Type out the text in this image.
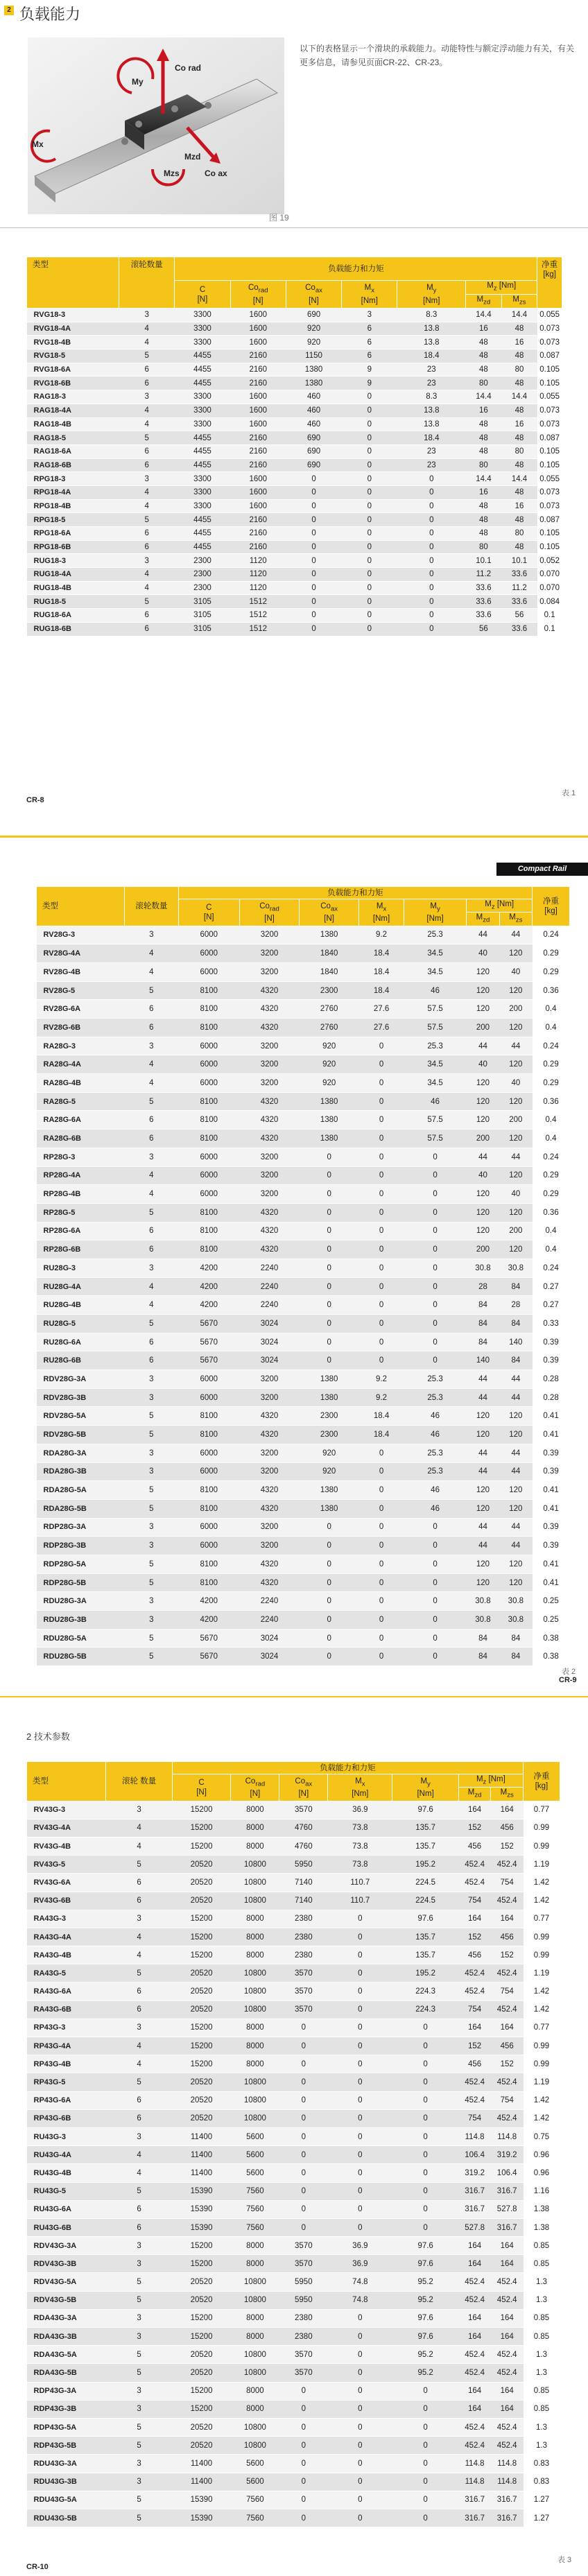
2 负载能力
Co rad
My
Mx
Mzd
Mzs	Co ax
图 19
以下的表格显示一个滑块的承载能力。动能特性与额定浮动能力有关，有关更多信息，请参见页面CR-22、CR-23。
类型	滚轮数量	负载能力和力矩							净重
[kg]
		C
[N]	$Co_{rad}$
[N]	$Co_{ax}$
[N]	$M_x$
[Nm]	$M_y$
[Nm]	$M_z$ [Nm]		
							$M_{zd}$	$M_{zs}$
RVG18-3	3	3300	1600	690	3	8.3	14.4	14.4	0.055
RVG18-4A	4	3300	1600	920	6	13.8	16	48	0.073
RVG18-4B	4	3300	1600	920	6	13.8	48	16	0.073
RVG18-5	5	4455	2160	1150	6	18.4	48	48	0.087
RVG18-6A	6	4455	2160	1380	9	23	48	80	0.105
RVG18-6B	6	4455	2160	1380	9	23	80	48	0.105
RAG18-3	3	3300	1600	460	0	8.3	14.4	14.4	0.055
RAG18-4A	4	3300	1600	460	0	13.8	16	48	0.073
RAG18-4B	4	3300	1600	460	0	13.8	48	16	0.073
RAG18-5	5	4455	2160	690	0	18.4	48	48	0.087
RAG18-6A	6	4455	2160	690	0	23	48	80	0.105
RAG18-6B	6	4455	2160	690	0	23	80	48	0.105
RPG18-3	3	3300	1600	0	0	0	14.4	14.4	0.055
RPG18-4A	4	3300	1600	0	0	0	16	48	0.073
RPG18-4B	4	3300	1600	0	0	0	48	16	0.073
RPG18-5	5	4455	2160	0	0	0	48	48	0.087
RPG18-6A	6	4455	2160	0	0	0	48	80	0.105
RPG18-6B	6	4455	2160	0	0	0	80	48	0.105
RUG18-3	3	2300	1120	0	0	0	10.1	10.1	0.052
RUG18-4A	4	2300	1120	0	0	0	11.2	33.6	0.070
RUG18-4B	4	2300	1120	0	0	0	33.6	11.2	0.070
RUG18-5	5	3105	1512	0	0	0	33.6	33.6	0.084
RUG18-6A	6	3105	1512	0	0	0	33.6	56	0.1
RUG18-6B	6	3105	1512	0	0	0	56	33.6	0.1
表 1
CR-8
Compact Rail
类型	滚轮数量	负载能力和力矩							净重
[kg]
		C
[N]	$Co_{rad}$
[N]	$Co_{ax}$
[N]	$M_x$
[Nm]	$M_y$
[Nm]	$M_z$ [Nm]		
							$M_{zd}$	$M_{zs}$
RV28G-3	3	6000	3200	1380	9.2	25.3	44	44	0.24
RV28G-4A	4	6000	3200	1840	18.4	34.5	40	120	0.29
RV28G-4B	4	6000	3200	1840	18.4	34.5	120	40	0.29
RV28G-5	5	8100	4320	2300	18.4	46	120	120	0.36
RV28G-6A	6	8100	4320	2760	27.6	57.5	120	200	0.4
RV28G-6B	6	8100	4320	2760	27.6	57.5	200	120	0.4
RA28G-3	3	6000	3200	920	0	25.3	44	44	0.24
RA28G-4A	4	6000	3200	920	0	34.5	40	120	0.29
RA28G-4B	4	6000	3200	920	0	34.5	120	40	0.29
RA28G-5	5	8100	4320	1380	0	46	120	120	0.36
RA28G-6A	6	8100	4320	1380	0	57.5	120	200	0.4
RA28G-6B	6	8100	4320	1380	0	57.5	200	120	0.4
RP28G-3	3	6000	3200	0	0	0	44	44	0.24
RP28G-4A	4	6000	3200	0	0	0	40	120	0.29
RP28G-4B	4	6000	3200	0	0	0	120	40	0.29
RP28G-5	5	8100	4320	0	0	0	120	120	0.36
RP28G-6A	6	8100	4320	0	0	0	120	200	0.4
RP28G-6B	6	8100	4320	0	0	0	200	120	0.4
RU28G-3	3	4200	2240	0	0	0	30.8	30.8	0.24
RU28G-4A	4	4200	2240	0	0	0	28	84	0.27
RU28G-4B	4	4200	2240	0	0	0	84	28	0.27
RU28G-5	5	5670	3024	0	0	0	84	84	0.33
RU28G-6A	6	5670	3024	0	0	0	84	140	0.39
RU28G-6B	6	5670	3024	0	0	0	140	84	0.39
RDV28G-3A	3	6000	3200	1380	9.2	25.3	44	44	0.28
RDV28G-3B	3	6000	3200	1380	9.2	25.3	44	44	0.28
RDV28G-5A	5	8100	4320	2300	18.4	46	120	120	0.41
RDV28G-5B	5	8100	4320	2300	18.4	46	120	120	0.41
RDA28G-3A	3	6000	3200	920	0	25.3	44	44	0.39
RDA28G-3B	3	6000	3200	920	0	25.3	44	44	0.39
RDA28G-5A	5	8100	4320	1380	0	46	120	120	0.41
RDA28G-5B	5	8100	4320	1380	0	46	120	120	0.41
RDP28G-3A	3	6000	3200	0	0	0	44	44	0.39
RDP28G-3B	3	6000	3200	0	0	0	44	44	0.39
RDP28G-5A	5	8100	4320	0	0	0	120	120	0.41
RDP28G-5B	5	8100	4320	0	0	0	120	120	0.41
RDU28G-3A	3	4200	2240	0	0	0	30.8	30.8	0.25
RDU28G-3B	3	4200	2240	0	0	0	30.8	30.8	0.25
RDU28G-5A	5	5670	3024	0	0	0	84	84	0.38
RDU28G-5B	5	5670	3024	0	0	0	84	84	0.38
表 2
CR-9
2 技术参数
类型	滚轮 数量	负载能力和力矩							净重
[kg]
		C
[N]	$Co_{rad}$
[N]	$Co_{ax}$
[N]	$M_x$
[Nm]	$M_y$
[Nm]	$M_z$ [Nm]		
							$M_{zd}$	$M_{zs}$
RV43G-3	3	15200	8000	3570	36.9	97.6	164	164	0.77
RV43G-4A	4	15200	8000	4760	73.8	135.7	152	456	0.99
RV43G-4B	4	15200	8000	4760	73.8	135.7	456	152	0.99
RV43G-5	5	20520	10800	5950	73.8	195.2	452.4	452.4	1.19
RV43G-6A	6	20520	10800	7140	110.7	224.5	452.4	754	1.42
RV43G-6B	6	20520	10800	7140	110.7	224.5	754	452.4	1.42
RA43G-3	3	15200	8000	2380	0	97.6	164	164	0.77
RA43G-4A	4	15200	8000	2380	0	135.7	152	456	0.99
RA43G-4B	4	15200	8000	2380	0	135.7	456	152	0.99
RA43G-5	5	20520	10800	3570	0	195.2	452.4	452.4	1.19
RA43G-6A	6	20520	10800	3570	0	224.3	452.4	754	1.42
RA43G-6B	6	20520	10800	3570	0	224.3	754	452.4	1.42
RP43G-3	3	15200	8000	0	0	0	164	164	0.77
RP43G-4A	4	15200	8000	0	0	0	152	456	0.99
RP43G-4B	4	15200	8000	0	0	0	456	152	0.99
RP43G-5	5	20520	10800	0	0	0	452.4	452.4	1.19
RP43G-6A	6	20520	10800	0	0	0	452.4	754	1.42
RP43G-6B	6	20520	10800	0	0	0	754	452.4	1.42
RU43G-3	3	11400	5600	0	0	0	114.8	114.8	0.75
RU43G-4A	4	11400	5600	0	0	0	106.4	319.2	0.96
RU43G-4B	4	11400	5600	0	0	0	319.2	106.4	0.96
RU43G-5	5	15390	7560	0	0	0	316.7	316.7	1.16
RU43G-6A	6	15390	7560	0	0	0	316.7	527.8	1.38
RU43G-6B	6	15390	7560	0	0	0	527.8	316.7	1.38
RDV43G-3A	3	15200	8000	3570	36.9	97.6	164	164	0.85
RDV43G-3B	3	15200	8000	3570	36.9	97.6	164	164	0.85
RDV43G-5A	5	20520	10800	5950	74.8	95.2	452.4	452.4	1.3
RDV43G-5B	5	20520	10800	5950	74.8	95.2	452.4	452.4	1.3
RDA43G-3A	3	15200	8000	2380	0	97.6	164	164	0.85
RDA43G-3B	3	15200	8000	2380	0	97.6	164	164	0.85
RDA43G-5A	5	20520	10800	3570	0	95.2	452.4	452.4	1.3
RDA43G-5B	5	20520	10800	3570	0	95.2	452.4	452.4	1.3
RDP43G-3A	3	15200	8000	0	0	0	164	164	0.85
RDP43G-3B	3	15200	8000	0	0	0	164	164	0.85
RDP43G-5A	5	20520	10800	0	0	0	452.4	452.4	1.3
RDP43G-5B	5	20520	10800	0	0	0	452.4	452.4	1.3
RDU43G-3A	3	11400	5600	0	0	0	114.8	114.8	0.83
RDU43G-3B	3	11400	5600	0	0	0	114.8	114.8	0.83
RDU43G-5A	5	15390	7560	0	0	0	316.7	316.7	1.27
RDU43G-5B	5	15390	7560	0	0	0	316.7	316.7	1.27
表 3
CR-10
